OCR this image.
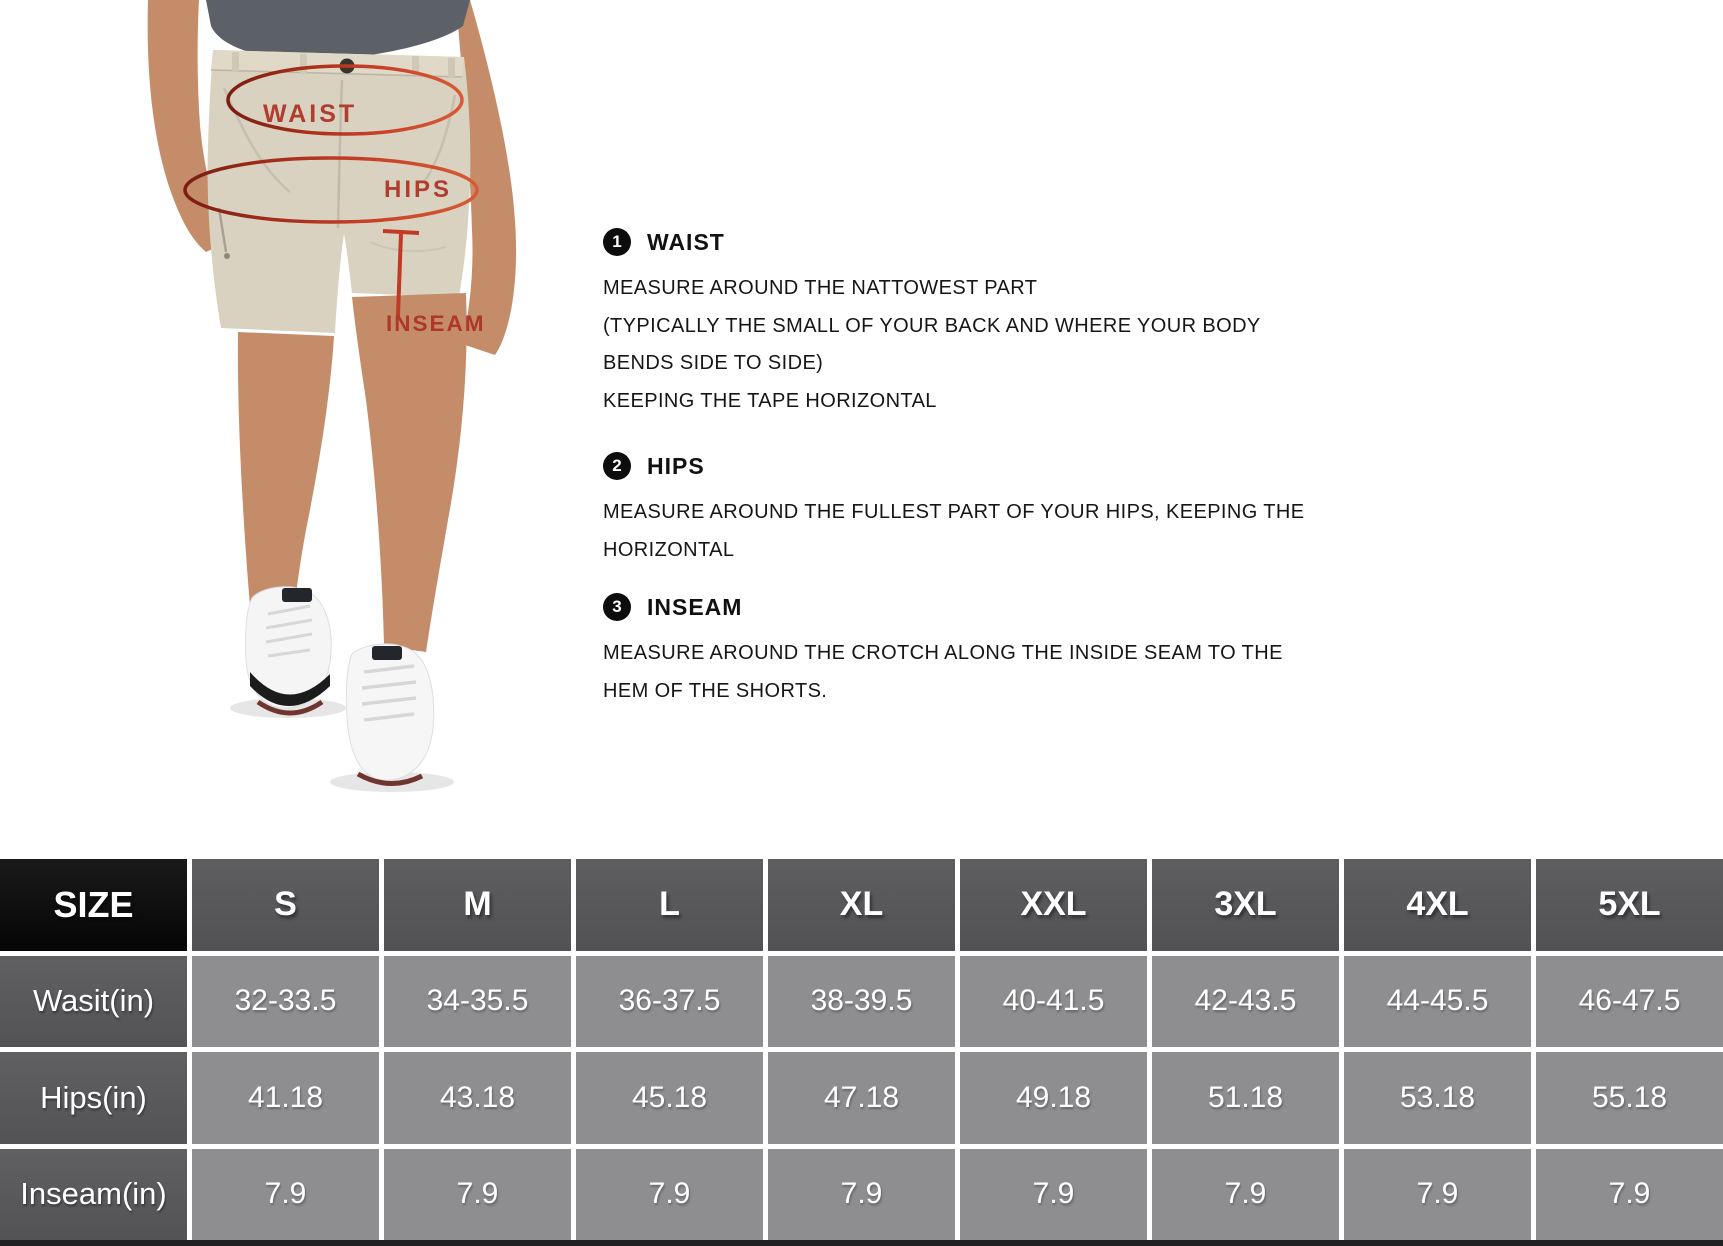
WAIST
HIPS
INSEAM
1	WAIST

MEASURE AROUND THE NATTOWEST PART

(TYPICALLY THE SMALL OF YOUR BACK AND WHERE YOUR BODY

BENDS SIDE TO SIDE)

KEEPING THE TAPE HORIZONTAL

2	HIPS

MEASURE AROUND THE FULLEST PART OF YOUR HIPS, KEEPING THE

HORIZONTAL

3	INSEAM

MEASURE AROUND THE CROTCH ALONG THE INSIDE SEAM TO THE

HEM OF THE SHORTS.

SIZE	S	M	L	XL	XXL	3XL	4XL	5XL
Wasit(in)	32-33.5	34-35.5	36-37.5	38-39.5	40-41.5	42-43.5	44-45.5	46-47.5
Hips(in)	41.18	43.18	45.18	47.18	49.18	51.18	53.18	55.18
Inseam(in)	7.9	7.9	7.9	7.9	7.9	7.9	7.9	7.9
